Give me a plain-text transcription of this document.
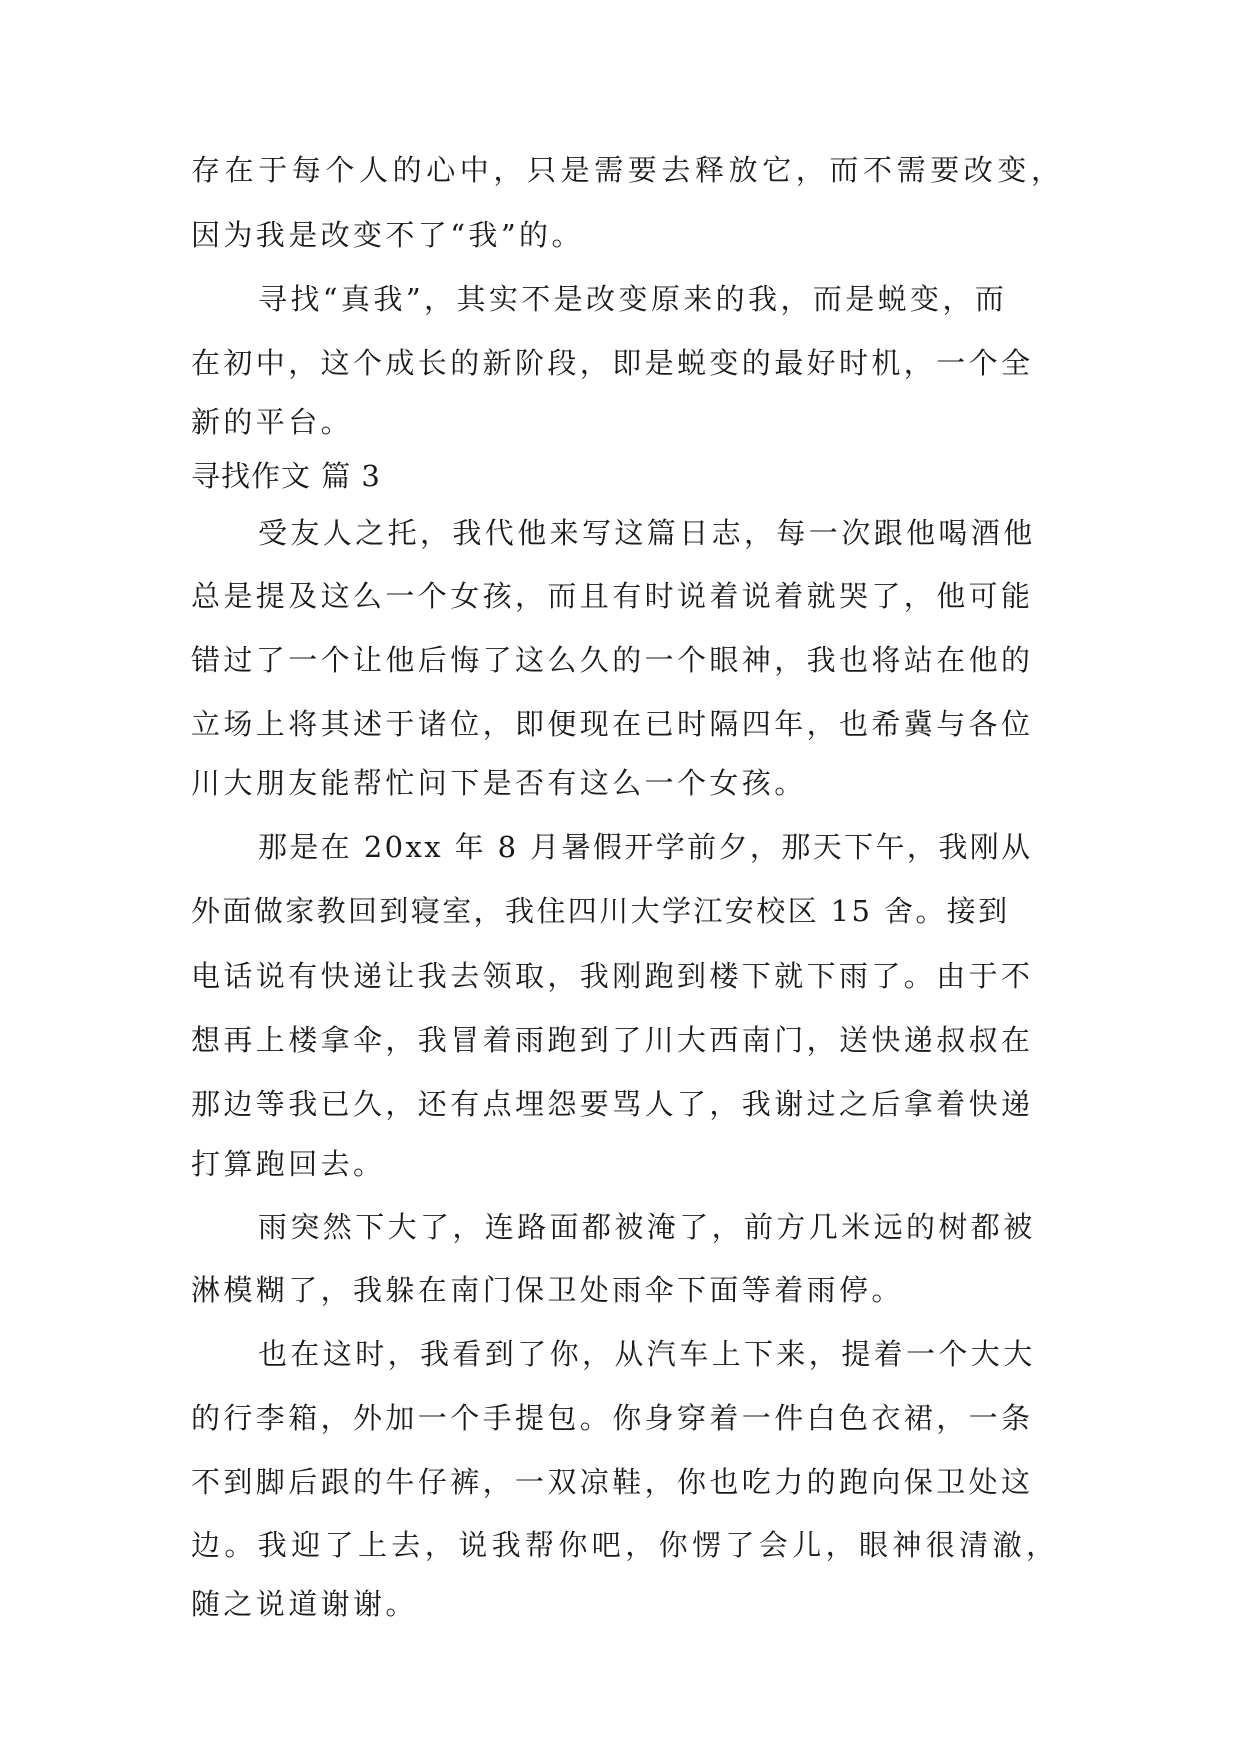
存在于每个人的心中，只是需要去释放它，而不需要改变，
因为我是改变不了“我”的。
寻找“真我”，其实不是改变原来的我，而是蜕变，而
在初中，这个成长的新阶段，即是蜕变的最好时机，一个全
新的平台。
寻找作文 篇 3
受友人之托，我代他来写这篇日志，每一次跟他喝酒他
总是提及这么一个女孩，而且有时说着说着就哭了，他可能
错过了一个让他后悔了这么久的一个眼神，我也将站在他的
立场上将其述于诸位，即便现在已时隔四年，也希冀与各位
川大朋友能帮忙问下是否有这么一个女孩。
那是在 20xx 年 8 月暑假开学前夕，那天下午，我刚从
外面做家教回到寝室，我住四川大学江安校区 15 舍。接到
电话说有快递让我去领取，我刚跑到楼下就下雨了。由于不
想再上楼拿伞，我冒着雨跑到了川大西南门，送快递叔叔在
那边等我已久，还有点埋怨要骂人了，我谢过之后拿着快递
打算跑回去。
雨突然下大了，连路面都被淹了，前方几米远的树都被
淋模糊了，我躲在南门保卫处雨伞下面等着雨停。
也在这时，我看到了你，从汽车上下来，提着一个大大
的行李箱，外加一个手提包。你身穿着一件白色衣裙，一条
不到脚后跟的牛仔裤，一双凉鞋，你也吃力的跑向保卫处这
边。我迎了上去，说我帮你吧，你愣了会儿，眼神很清澈，
随之说道谢谢。
